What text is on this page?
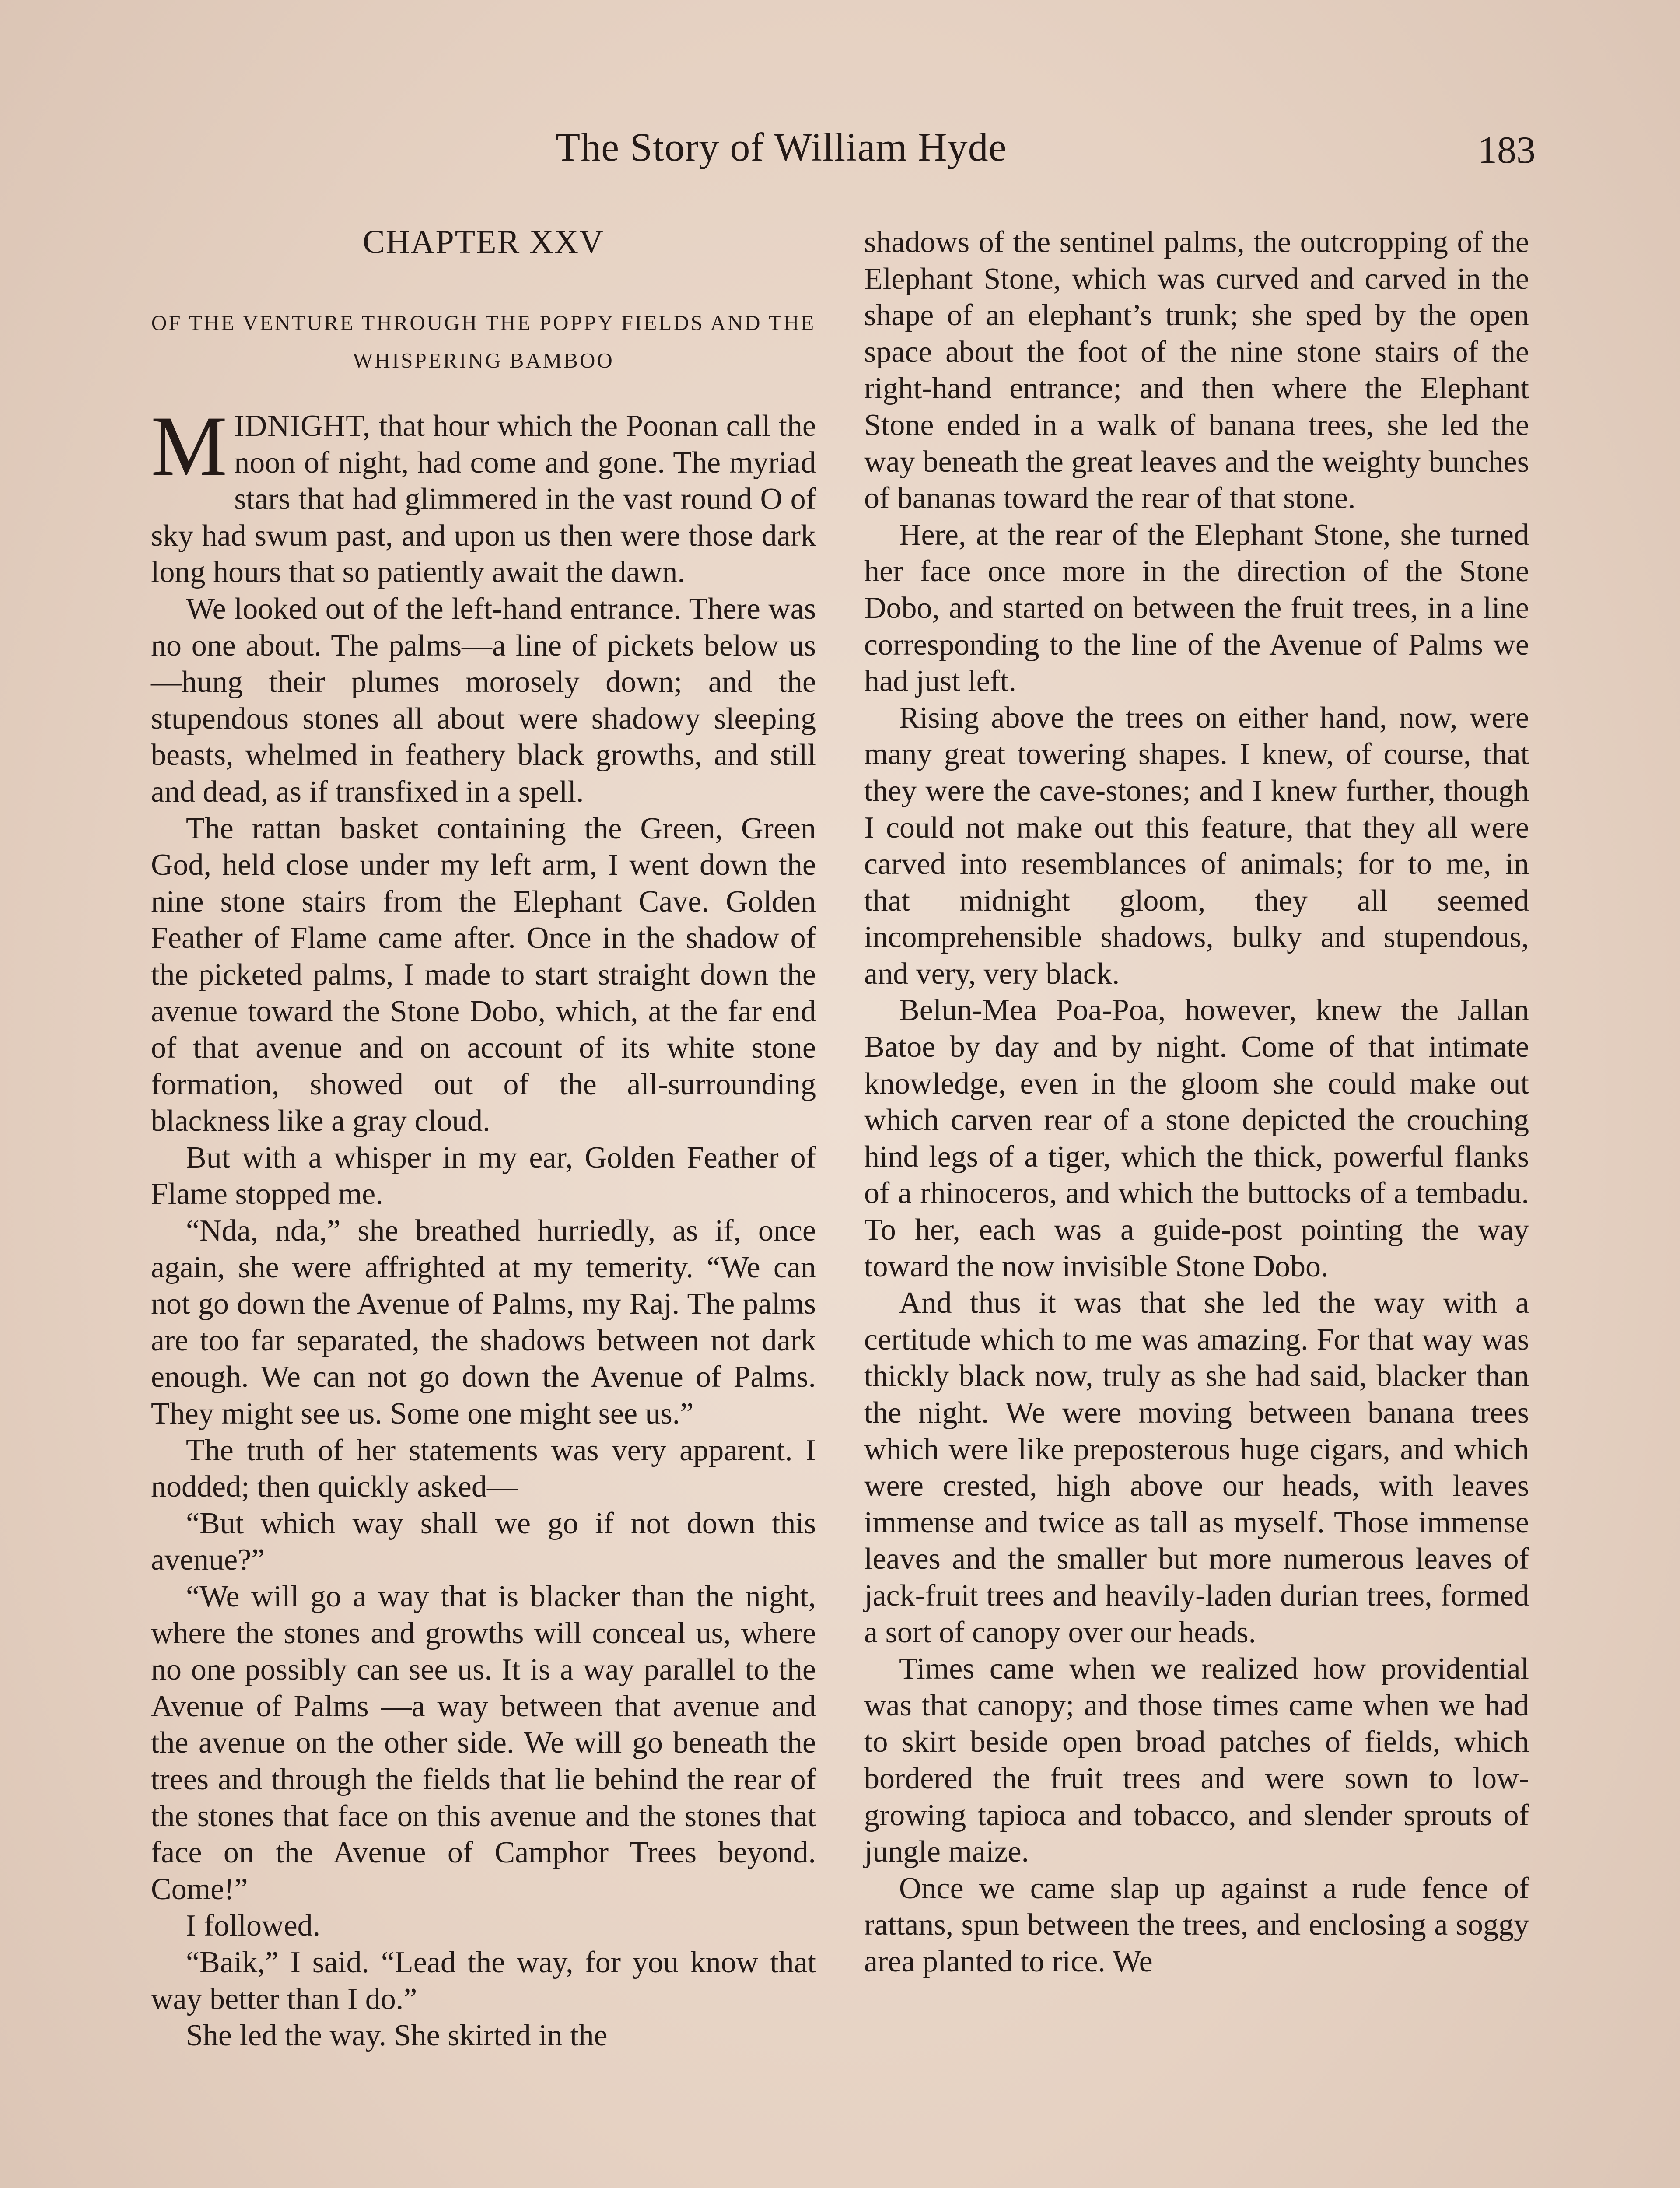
The Story of William Hyde	183
CHAPTER XXV
OF THE VENTURE THROUGH THE POPPY FIELDS AND THE WHISPERING BAMBOO

MIDNIGHT, that hour which the Poonan call the noon of night, had come and gone. The myriad stars that had glimmered in the vast round O of sky had swum past, and upon us then were those dark long hours that so patiently await the dawn.

We looked out of the left-hand entrance. There was no one about. The palms—a line of pickets below us—hung their plumes morosely down; and the stupendous stones all about were shadowy sleeping beasts, whelmed in feathery black growths, and still and dead, as if transfixed in a spell.

The rattan basket containing the Green, Green God, held close under my left arm, I went down the nine stone stairs from the Elephant Cave. Golden Feather of Flame came after. Once in the shadow of the picketed palms, I made to start straight down the avenue toward the Stone Dobo, which, at the far end of that avenue and on account of its white stone formation, showed out of the all-surrounding blackness like a gray cloud.

But with a whisper in my ear, Golden Feather of Flame stopped me.

“Nda, nda,” she breathed hurriedly, as if, once again, she were affrighted at my temerity. “We can not go down the Avenue of Palms, my Raj. The palms are too far separated, the shadows between not dark enough. We can not go down the Avenue of Palms. They might see us. Some one might see us.”

The truth of her statements was very apparent. I nodded; then quickly asked—

“But which way shall we go if not down this avenue?”

“We will go a way that is blacker than the night, where the stones and growths will conceal us, where no one possibly can see us. It is a way parallel to the Avenue of Palms —a way between that avenue and the avenue on the other side. We will go beneath the trees and through the fields that lie behind the rear of the stones that face on this avenue and the stones that face on the Avenue of Camphor Trees beyond. Come!”

I followed.

“Baik,” I said. “Lead the way, for you know that way better than I do.”

She led the way. She skirted in the

shadows of the sentinel palms, the outcropping of the Elephant Stone, which was curved and carved in the shape of an elephant’s trunk; she sped by the open space about the foot of the nine stone stairs of the right-hand entrance; and then where the Elephant Stone ended in a walk of banana trees, she led the way beneath the great leaves and the weighty bunches of bananas toward the rear of that stone.

Here, at the rear of the Elephant Stone, she turned her face once more in the direction of the Stone Dobo, and started on between the fruit trees, in a line corresponding to the line of the Avenue of Palms we had just left.

Rising above the trees on either hand, now, were many great towering shapes. I knew, of course, that they were the cave-stones; and I knew further, though I could not make out this feature, that they all were carved into resemblances of animals; for to me, in that midnight gloom, they all seemed incomprehensible shadows, bulky and stupendous, and very, very black.

Belun-Mea Poa-Poa, however, knew the Jallan Batoe by day and by night. Come of that intimate knowledge, even in the gloom she could make out which carven rear of a stone depicted the crouching hind legs of a tiger, which the thick, powerful flanks of a rhinoceros, and which the buttocks of a tembadu. To her, each was a guide-post pointing the way toward the now invisible Stone Dobo.

And thus it was that she led the way with a certitude which to me was amazing. For that way was thickly black now, truly as she had said, blacker than the night. We were moving between banana trees which were like preposterous huge cigars, and which were crested, high above our heads, with leaves immense and twice as tall as myself. Those immense leaves and the smaller but more numerous leaves of jack-fruit trees and heavily-laden durian trees, formed a sort of canopy over our heads.

Times came when we realized how providential was that canopy; and those times came when we had to skirt beside open broad patches of fields, which bordered the fruit trees and were sown to low-growing tapioca and tobacco, and slender sprouts of jungle maize.

Once we came slap up against a rude fence of rattans, spun between the trees, and enclosing a soggy area planted to rice. We
